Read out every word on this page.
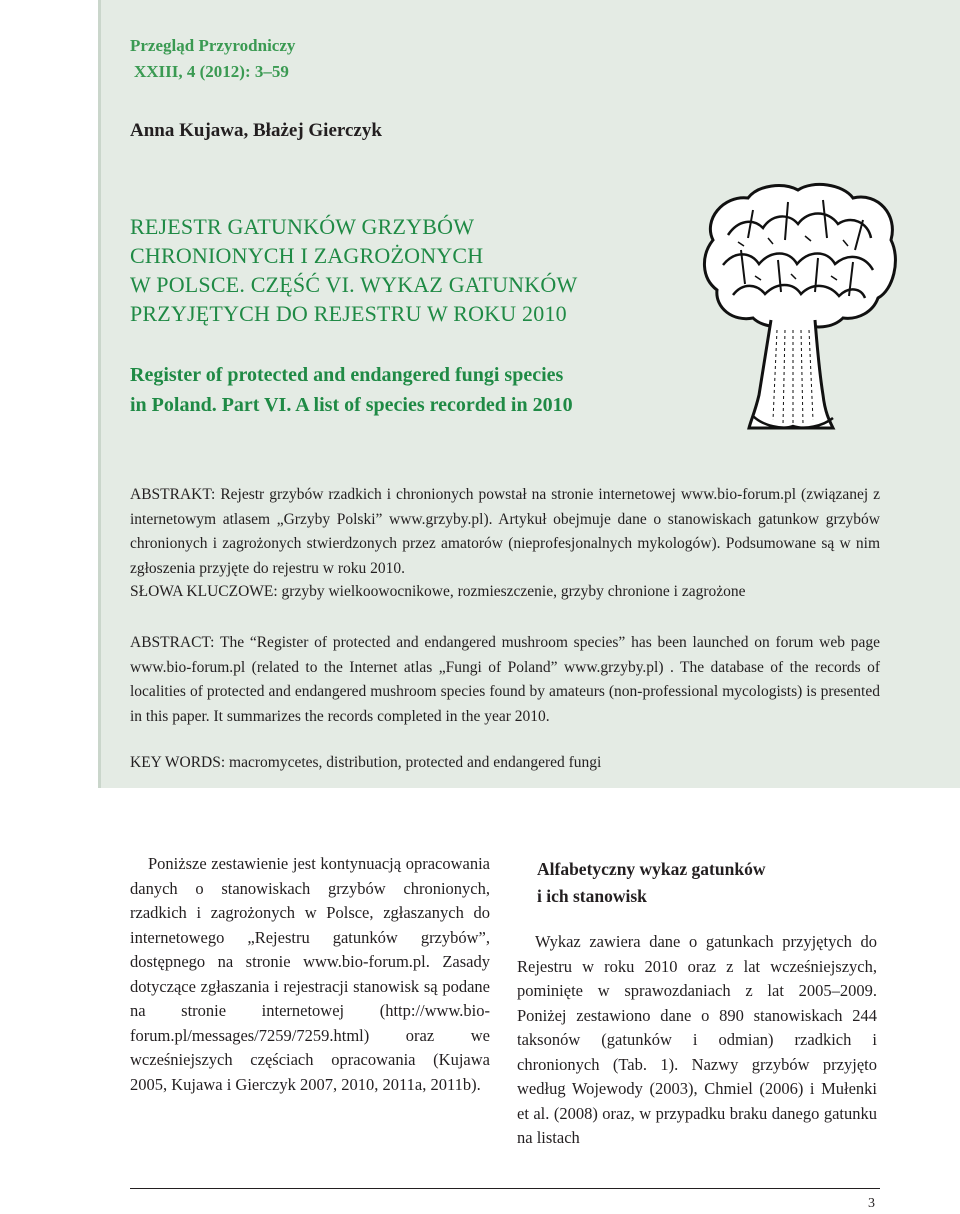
Przegląd Przyrodniczy

XXIII, 4 (2012): 3–59

Anna Kujawa, Błażej Gierczyk

REJESTR GATUNKÓW GRZYBÓW
CHRONIONYCH I ZAGROŻONYCH
W POLSCE. CZĘŚĆ VI. WYKAZ GATUNKÓW
PRZYJĘTYCH DO REJESTRU W ROKU 2010
Register of protected and endangered fungi species
in Poland. Part VI. A list of species recorded in 2010

ABSTRAKT: Rejestr grzybów rzadkich i chronionych powstał na stronie internetowej www.bio-forum.pl (związanej z internetowym atlasem „Grzyby Polski” www.grzyby.pl). Artykuł obejmuje dane o stanowiskach gatunkow grzybów chronionych i zagrożonych stwierdzonych przez amatorów (nieprofesjonalnych mykologów). Podsumowane są w nim zgłoszenia przyjęte do rejestru w roku 2010.

SŁOWA KLUCZOWE: grzyby wielkoowocnikowe, rozmieszczenie, grzyby chronione i zagrożone

ABSTRACT: The “Register of protected and endangered mushroom species” has been launched on forum web page www.bio-forum.pl (related to the Internet atlas „Fungi of Poland” www.grzyby.pl) . The database of the records of localities of protected and endangered mushroom species found by amateurs (non-professional mycologists) is presented in this paper. It summarizes the records completed in the year 2010.

KEY WORDS: macromycetes, distribution, protected and endangered fungi

Poniższe zestawienie jest kontynuacją opracowania danych o stanowiskach grzybów chronionych, rzadkich i zagrożonych w Polsce, zgłaszanych do internetowego „Rejestru gatunków grzybów”, dostępnego na stronie www.bio-forum.pl. Zasady dotyczące zgłaszania i rejestracji stanowisk są podane na stronie internetowej (http://www.bio-forum.pl/messages/7259/7259.html) oraz we wcześniejszych częściach opracowania (Kujawa 2005, Kujawa i Gierczyk 2007, 2010, 2011a, 2011b).

Alfabetyczny wykaz gatunków
i ich stanowisk

Wykaz zawiera dane o gatunkach przyjętych do Rejestru w roku 2010 oraz z lat wcześniejszych, pominięte w sprawozdaniach z lat 2005–2009. Poniżej zestawiono dane o 890 stanowiskach 244 taksonów (gatunków i odmian) rzadkich i chronionych (Tab. 1). Nazwy grzybów przyjęto według Wojewody (2003), Chmiel (2006) i Mułenki et al. (2008) oraz, w przypadku braku danego gatunku na listach

3
